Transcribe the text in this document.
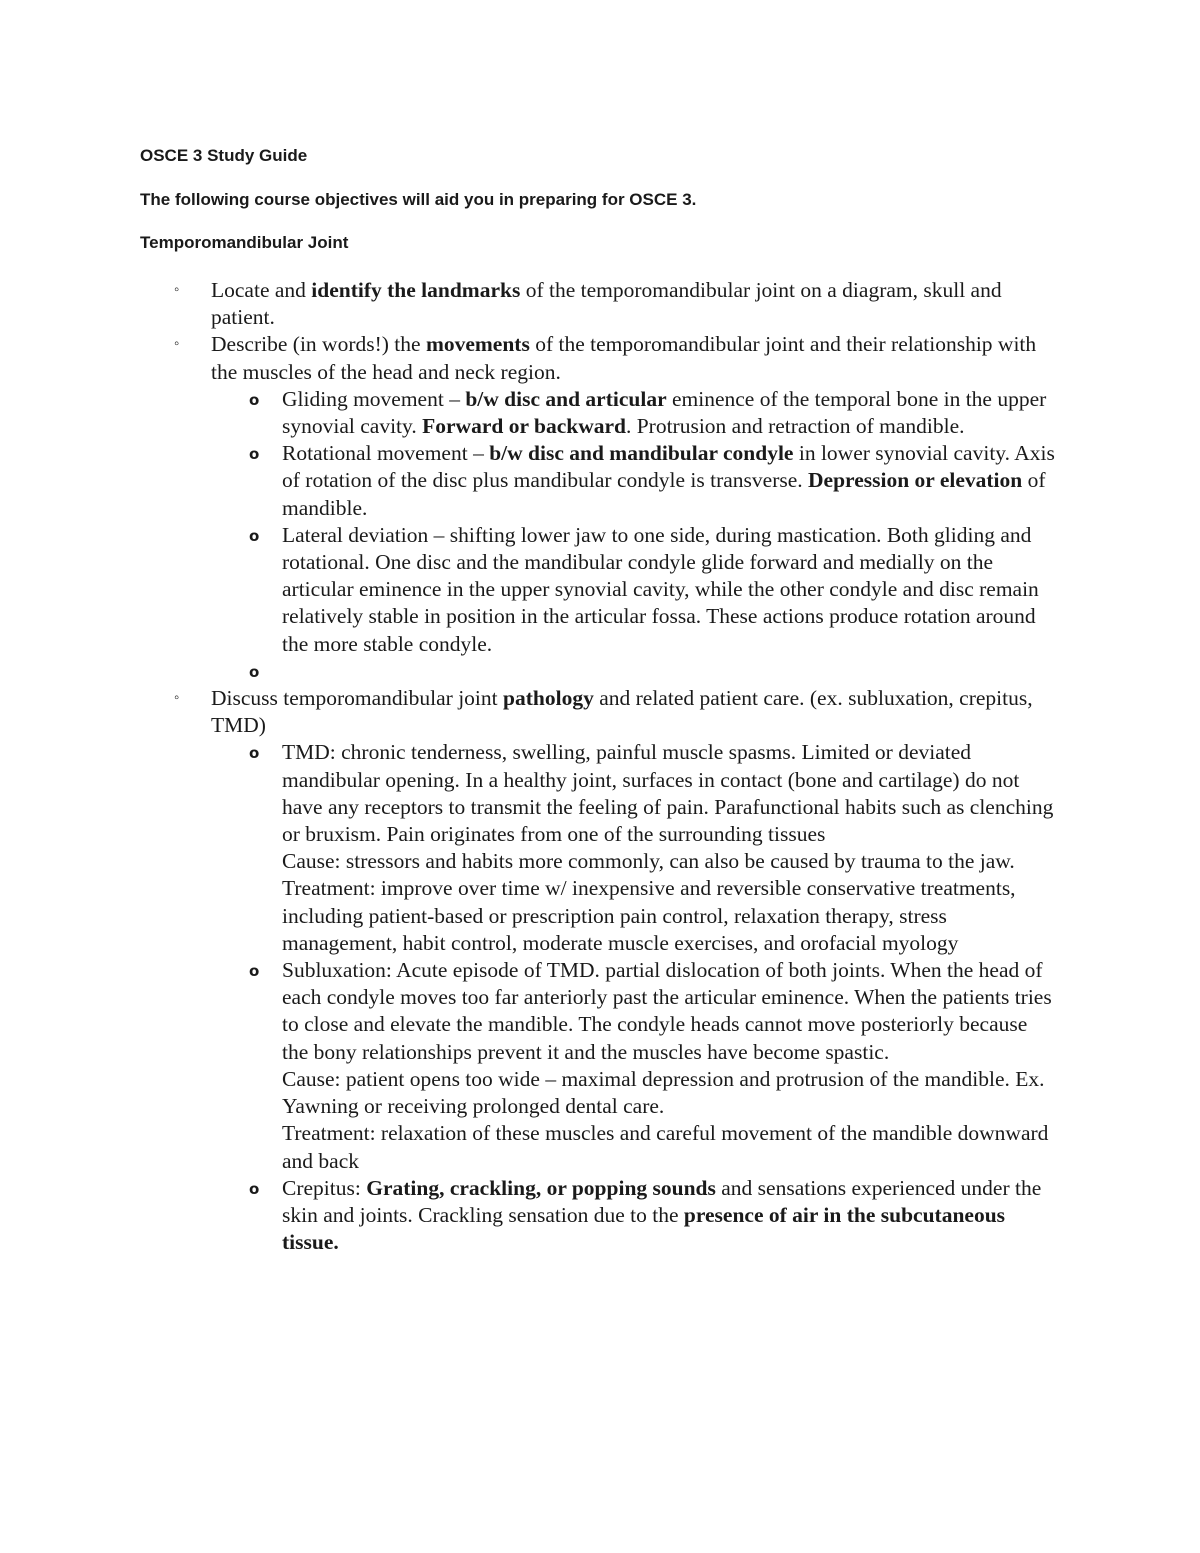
OSCE 3 Study Guide

The following course objectives will aid you in preparing for OSCE 3.

Temporomandibular Joint

◦ Locate and identify the landmarks of the temporomandibular joint on a diagram, skull and patient.
◦ Describe (in words!) the movements of the temporomandibular joint and their relationship with the muscles of the head and neck region.
o Gliding movement – b/w disc and articular eminence of the temporal bone in the upper synovial cavity. Forward or backward. Protrusion and retraction of mandible.
o Rotational movement – b/w disc and mandibular condyle in lower synovial cavity. Axis of rotation of the disc plus mandibular condyle is transverse. Depression or elevation of mandible.
o Lateral deviation – shifting lower jaw to one side, during mastication. Both gliding and rotational. One disc and the mandibular condyle glide forward and medially on the articular eminence in the upper synovial cavity, while the other condyle and disc remain relatively stable in position in the articular fossa. These actions produce rotation around the more stable condyle.
o

◦ Discuss temporomandibular joint pathology and related patient care. (ex. subluxation, crepitus, TMD)
o TMD: chronic tenderness, swelling, painful muscle spasms. Limited or deviated mandibular opening. In a healthy joint, surfaces in contact (bone and cartilage) do not have any receptors to transmit the feeling of pain. Parafunctional habits such as clenching or bruxism. Pain originates from one of the surrounding tissues
Cause: stressors and habits more commonly, can also be caused by trauma to the jaw.
Treatment: improve over time w/ inexpensive and reversible conservative treatments, including patient-based or prescription pain control, relaxation therapy, stress management, habit control, moderate muscle exercises, and orofacial myology
o Subluxation: Acute episode of TMD. partial dislocation of both joints. When the head of each condyle moves too far anteriorly past the articular eminence. When the patients tries to close and elevate the mandible. The condyle heads cannot move posteriorly because the bony relationships prevent it and the muscles have become spastic.
Cause: patient opens too wide – maximal depression and protrusion of the mandible. Ex. Yawning or receiving prolonged dental care.
Treatment: relaxation of these muscles and careful movement of the mandible downward and back
o Crepitus: Grating, crackling, or popping sounds and sensations experienced under the skin and joints. Crackling sensation due to the presence of air in the subcutaneous tissue.
